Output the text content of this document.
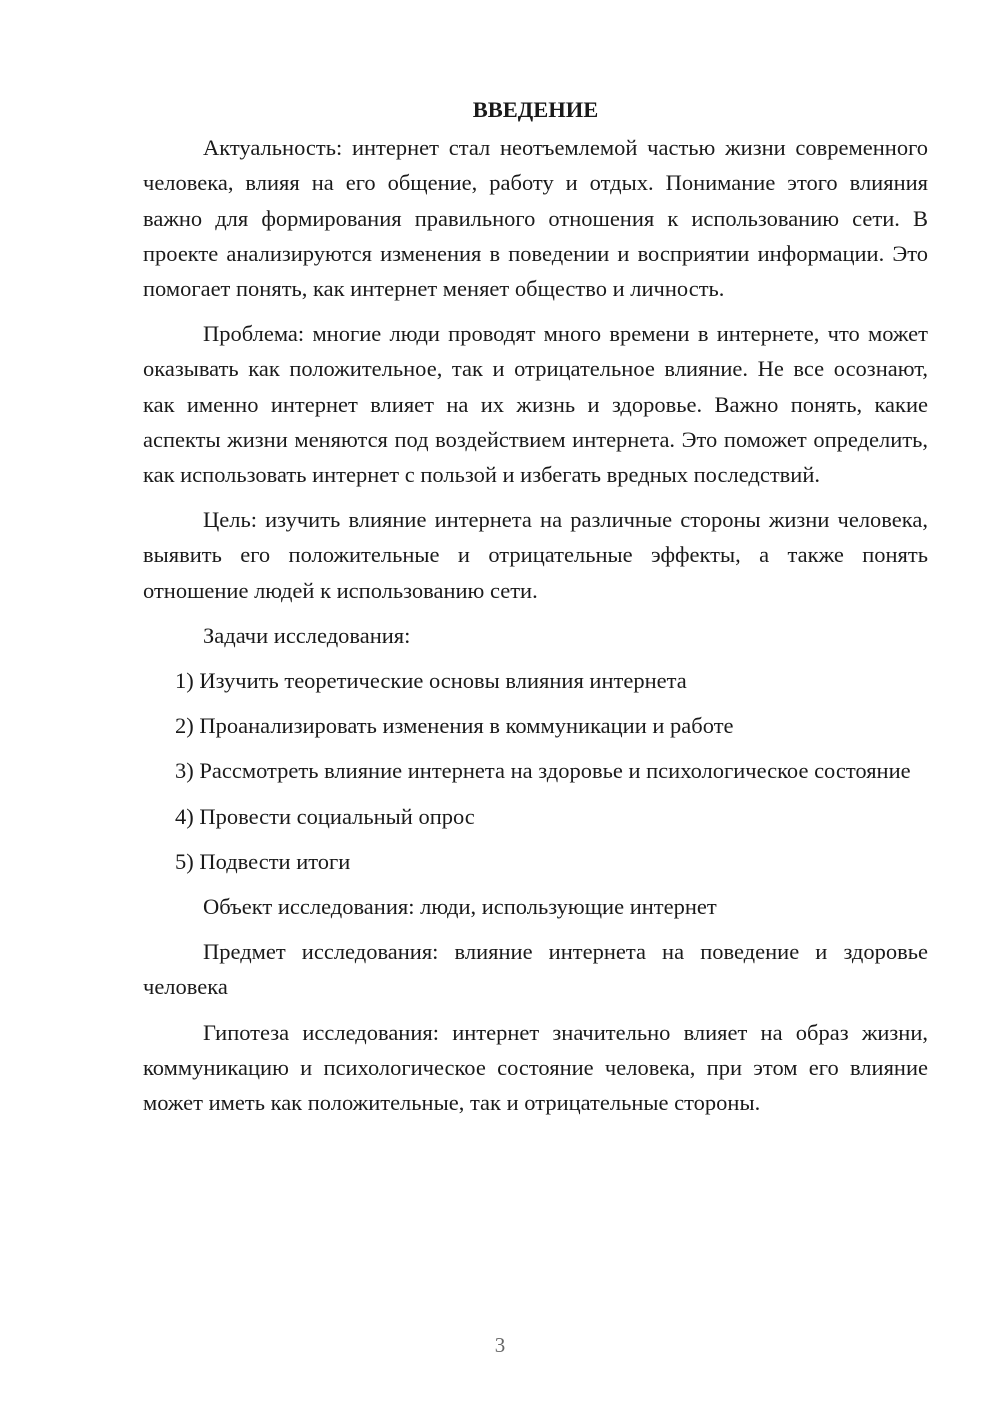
ВВЕДЕНИЕ

Актуальность: интернет стал неотъемлемой частью жизни современного человека, влияя на его общение, работу и отдых. Понимание этого влияния важно для формирования правильного отношения к использованию сети. В проекте анализируются изменения в поведении и восприятии информации. Это помогает понять, как интернет меняет общество и личность.

Проблема: многие люди проводят много времени в интернете, что может оказывать как положительное, так и отрицательное влияние. Не все осознают, как именно интернет влияет на их жизнь и здоровье. Важно понять, какие аспекты жизни меняются под воздействием интернета. Это поможет определить, как использовать интернет с пользой и избегать вредных последствий.

Цель: изучить влияние интернета на различные стороны жизни человека, выявить его положительные и отрицательные эффекты, а также понять отношение людей к использованию сети.

Задачи исследования:

1) Изучить теоретические основы влияния интернета

2) Проанализировать изменения в коммуникации и работе

3) Рассмотреть влияние интернета на здоровье и психологическое состояние

4) Провести социальный опрос

5) Подвести итоги

Объект исследования: люди, использующие интернет

Предмет исследования: влияние интернета на поведение и здоровье человека

Гипотеза исследования: интернет значительно влияет на образ жизни, коммуникацию и психологическое состояние человека, при этом его влияние может иметь как положительные, так и отрицательные стороны.

3
